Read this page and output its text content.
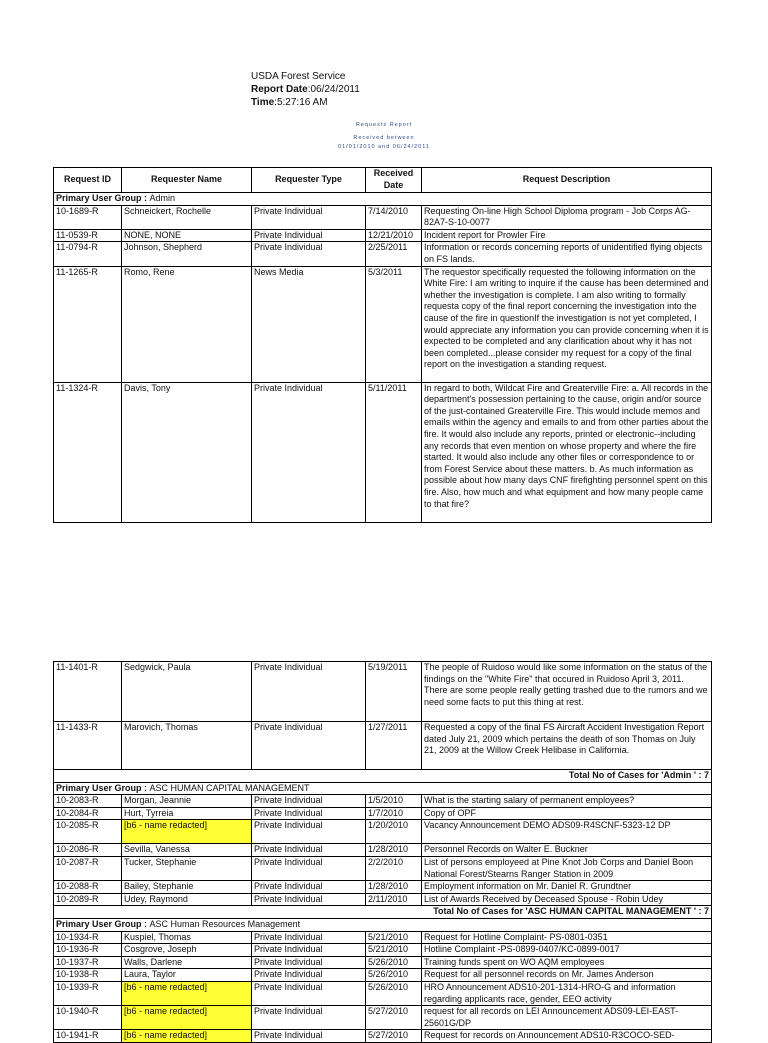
USDA Forest Service
Report Date:06/24/2011
Time:5:27:16 AM
Requests Report
Received between
01/01/2010 and 06/24/2011
Request ID	Requester Name	Requester Type	Received Date	Request Description
Primary User Group : Admin				
10-1689-R	Schneickert, Rochelle	Private Individual	7/14/2010	Requesting On-line High School Diploma program - Job Corps AG-82A7-S-10-0077
11-0539-R	NONE, NONE	Private Individual	12/21/2010	Incident report for Prowler Fire
11-0794-R	Johnson, Shepherd	Private Individual	2/25/2011	Information or records concerning reports of unidentified flying objects on FS lands.
11-1265-R	Romo, Rene	News Media	5/3/2011	The requestor specifically requested the following information on the White Fire: I am writing to inquire if the cause has been determined and whether the investigation is complete. I am also writing to formally requesta copy of the final report concerning the investigation into the cause of the fire in questionIf the investigation is not yet completed, I would appreciate any information you can provide concerning when it is expected to be completed and any clarification about why it has not been completed...please consider my request for a copy of the final report on the investigation a standing request.
11-1324-R	Davis, Tony	Private Individual	5/11/2011	In regard to both, Wildcat Fire and Greaterville Fire: a. All records in the department's possession pertaining to the cause, origin and/or source of the just-contained Greaterville Fire. This would include memos and emails within the agency and emails to and from other parties about the fire. It would also include any reports, printed or electronic--including any records that even mention on whose property and where the fire started. It would also include any other files or correspondence to or from Forest Service about these matters. b. As much information as possible about how many days CNF firefighting personnel spent on this fire. Also, how much and what equipment and how many people came to that fire?
11-1401-R	Sedgwick, Paula	Private Individual	5/19/2011	The people of Ruidoso would like some information on the status of the findings on the "White Fire" that occured in Ruidoso April 3, 2011. There are some people really getting trashed due to the rumors and we need some facts to put this thing at rest.
11-1433-R	Marovich, Thomas	Private Individual	1/27/2011	Requested a copy of the final FS Aircraft Accident Investigation Report dated July 21, 2009 which pertains the death of son Thomas on July 21, 2009 at the Willow Creek Helibase in California.
Total No of Cases for 'Admin ' : 7				
Primary User Group : ASC HUMAN CAPITAL MANAGEMENT				
10-2083-R	Morgan, Jeannie	Private Individual	1/5/2010	What is the starting salary of permanent employees?
10-2084-R	Hurt, Tyrreia	Private Individual	1/7/2010	Copy of OPF
10-2085-R	[b6 - name redacted]	Private Individual	1/20/2010	Vacancy Announcement DEMO ADS09-R4SCNF-5323-12 DP
10-2086-R	Sevilla, Vanessa	Private Individual	1/28/2010	Personnel Records on Walter E. Buckner
10-2087-R	Tucker, Stephanie	Private Individual	2/2/2010	List of persons employeed at Pine Knot Job Corps and Daniel Boon National Forest/Stearns Ranger Station in 2009
10-2088-R	Bailey, Stephanie	Private Individual	1/28/2010	Employment information on Mr. Daniel R. Grundtner
10-2089-R	Udey, Raymond	Private Individual	2/11/2010	List of Awards Received by Deceased Spouse - Robin Udey
Total No of Cases for 'ASC HUMAN CAPITAL MANAGEMENT ' : 7				
Primary User Group : ASC Human Resources Management				
10-1934-R	Kuspiel, Thomas	Private Individual	5/21/2010	Request for Hotline Complaint- PS-0801-0351
10-1936-R	Cosgrove, Joseph	Private Individual	5/21/2010	Hotline Complaint -PS-0899-0407/KC-0899-0017
10-1937-R	Walls, Darlene	Private Individual	5/26/2010	Training funds spent on WO AQM employees
10-1938-R	Laura, Taylor	Private Individual	5/26/2010	Request for all personnel records on Mr. James Anderson
10-1939-R	[b6 - name redacted]	Private Individual	5/26/2010	HRO Announcement ADS10-201-1314-HRO-G and information regarding applicants race, gender, EEO activity
10-1940-R	[b6 - name redacted]	Private Individual	5/27/2010	request for all records on LEI Announcement ADS09-LEI-EAST-25601G/DP
10-1941-R	[b6 - name redacted]	Private Individual	5/27/2010	Request for records on Announcement ADS10-R3COCO-SED-
